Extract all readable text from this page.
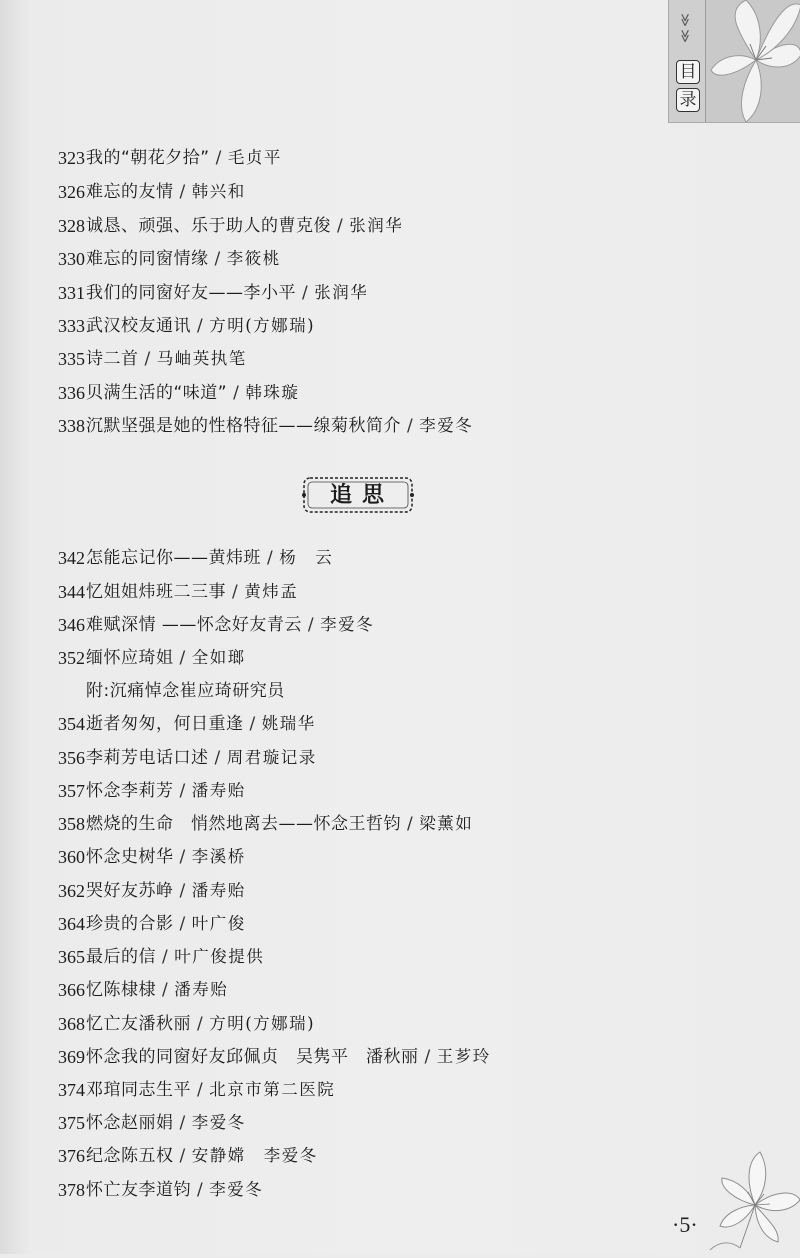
≫
≫
目
录
323 我的“朝花夕拾” / 毛贞平
326 难忘的友情 / 韩兴和
328 诚恳、顽强、乐于助人的曹克俊 / 张润华
330 难忘的同窗情缘 / 李筱桃
331 我们的同窗好友——李小平 / 张润华
333 武汉校友通讯 / 方明(方娜瑞)
335 诗二首 / 马岫英执笔
336 贝满生活的“味道” / 韩珠璇
338 沉默坚强是她的性格特征——缐菊秋简介 / 李爱冬
追思
342 怎能忘记你——黄炜班 / 杨　云
344 忆姐姐炜班二三事 / 黄炜孟
346 难赋深情 ——怀念好友青云 / 李爱冬
352 缅怀应琦姐 / 全如瑯
附:沉痛悼念崔应琦研究员
354 逝者匆匆，何日重逢 / 姚瑞华
356 李莉芳电话口述 / 周君璇记录
357 怀念李莉芳 / 潘寿贻
358 燃烧的生命　悄然地离去——怀念王哲钧 / 梁薰如
360 怀念史树华 / 李溪桥
362 哭好友苏峥 / 潘寿贻
364 珍贵的合影 / 叶广俊
365 最后的信 / 叶广俊提供
366 忆陈棣棣 / 潘寿贻
368 忆亡友潘秋丽 / 方明(方娜瑞)
369 怀念我的同窗好友邱佩贞　吴隽平　潘秋丽 / 王芗玲
374 邓琯同志生平 / 北京市第二医院
375 怀念赵丽娟 / 李爱冬
376 纪念陈五权 / 安静嫦　李爱冬
378 怀亡友李道钧 / 李爱冬
·5·
